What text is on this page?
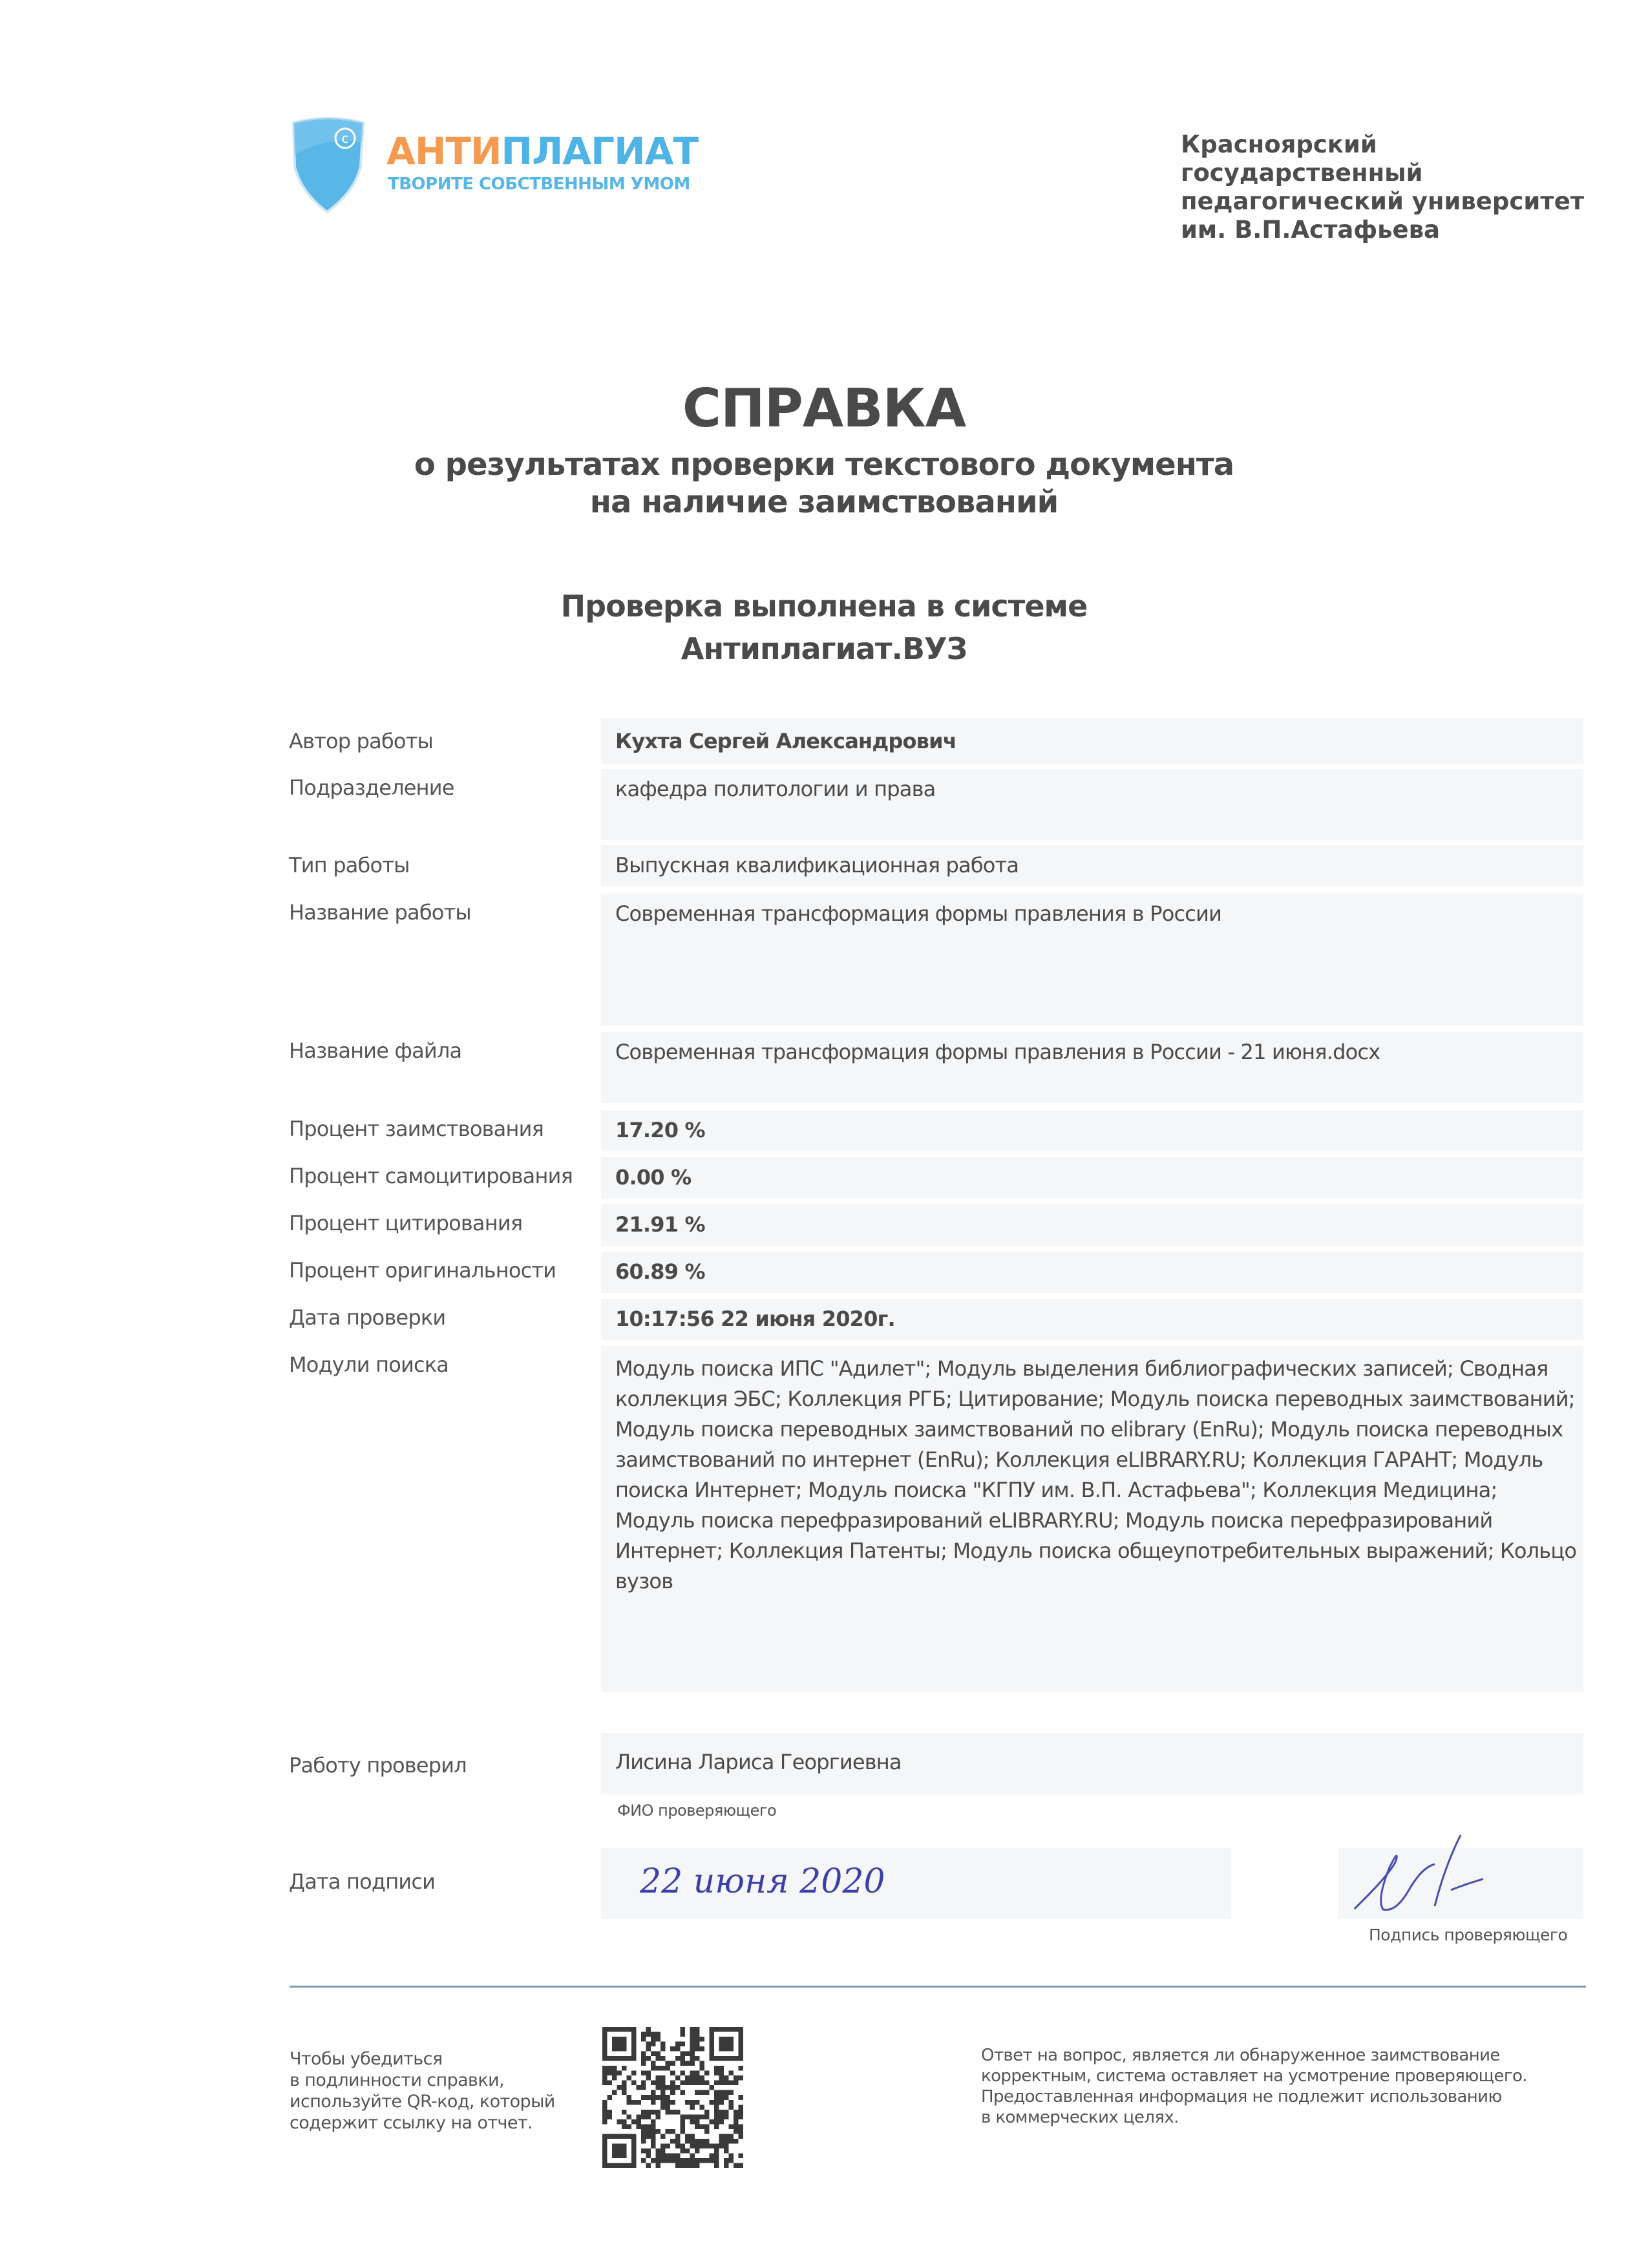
c АНТИПЛАГИАТ
ТВОРИТЕ СОБСТВЕННЫМ УМОМ
Красноярский
государственный
педагогический университет
им. В.П.Астафьева
СПРАВКА
о результатах проверки текстового документа
на наличие заимствований
Проверка выполнена в системе
Антиплагиат.ВУЗ
Автор работы	Кухта Сергей Александрович
Подразделение	кафедра политологии и права
Тип работы	Выпускная квалификационная работа
Название работы	Современная трансформация формы правления в России
Название файла	Современная трансформация формы правления в России - 21 июня.docx
Процент заимствования	17.20 %
Процент самоцитирования 0.00 %
Процент цитирования	21.91 %
Процент оригинальности	60.89 %
Дата проверки	10:17:56 22 июня 2020г.
Модули поиска	Модуль поиска ИПС "Адилет"; Модуль выделения библиографических записей; Сводная коллекция ЭБС; Коллекция РГБ; Цитирование; Модуль поиска переводных заимствований; Модуль поиска переводных заимствований по elibrary (EnRu); Модуль поиска переводных заимствований по интернет (EnRu); Коллекция eLIBRARY.RU; Коллекция ГАРАНТ; Модуль поиска Интернет; Модуль поиска "КГПУ им. В.П. Астафьева"; Коллекция Медицина; Модуль поиска перефразирований eLIBRARY.RU; Модуль поиска перефразирований Интернет; Коллекция Патенты; Модуль поиска общеупотребительных выражений; Кольцо вузов
Работу проверил	Лисина Лариса Георгиевна
ФИО проверяющего
Дата подписи	22 июня 2020
Подпись проверяющего
Чтобы убедиться
в подлинности справки,
используйте QR-код, который
содержит ссылку на отчет.
Ответ на вопрос, является ли обнаруженное заимствование
корректным, система оставляет на усмотрение проверяющего.
Предоставленная информация не подлежит использованию
в коммерческих целях.
